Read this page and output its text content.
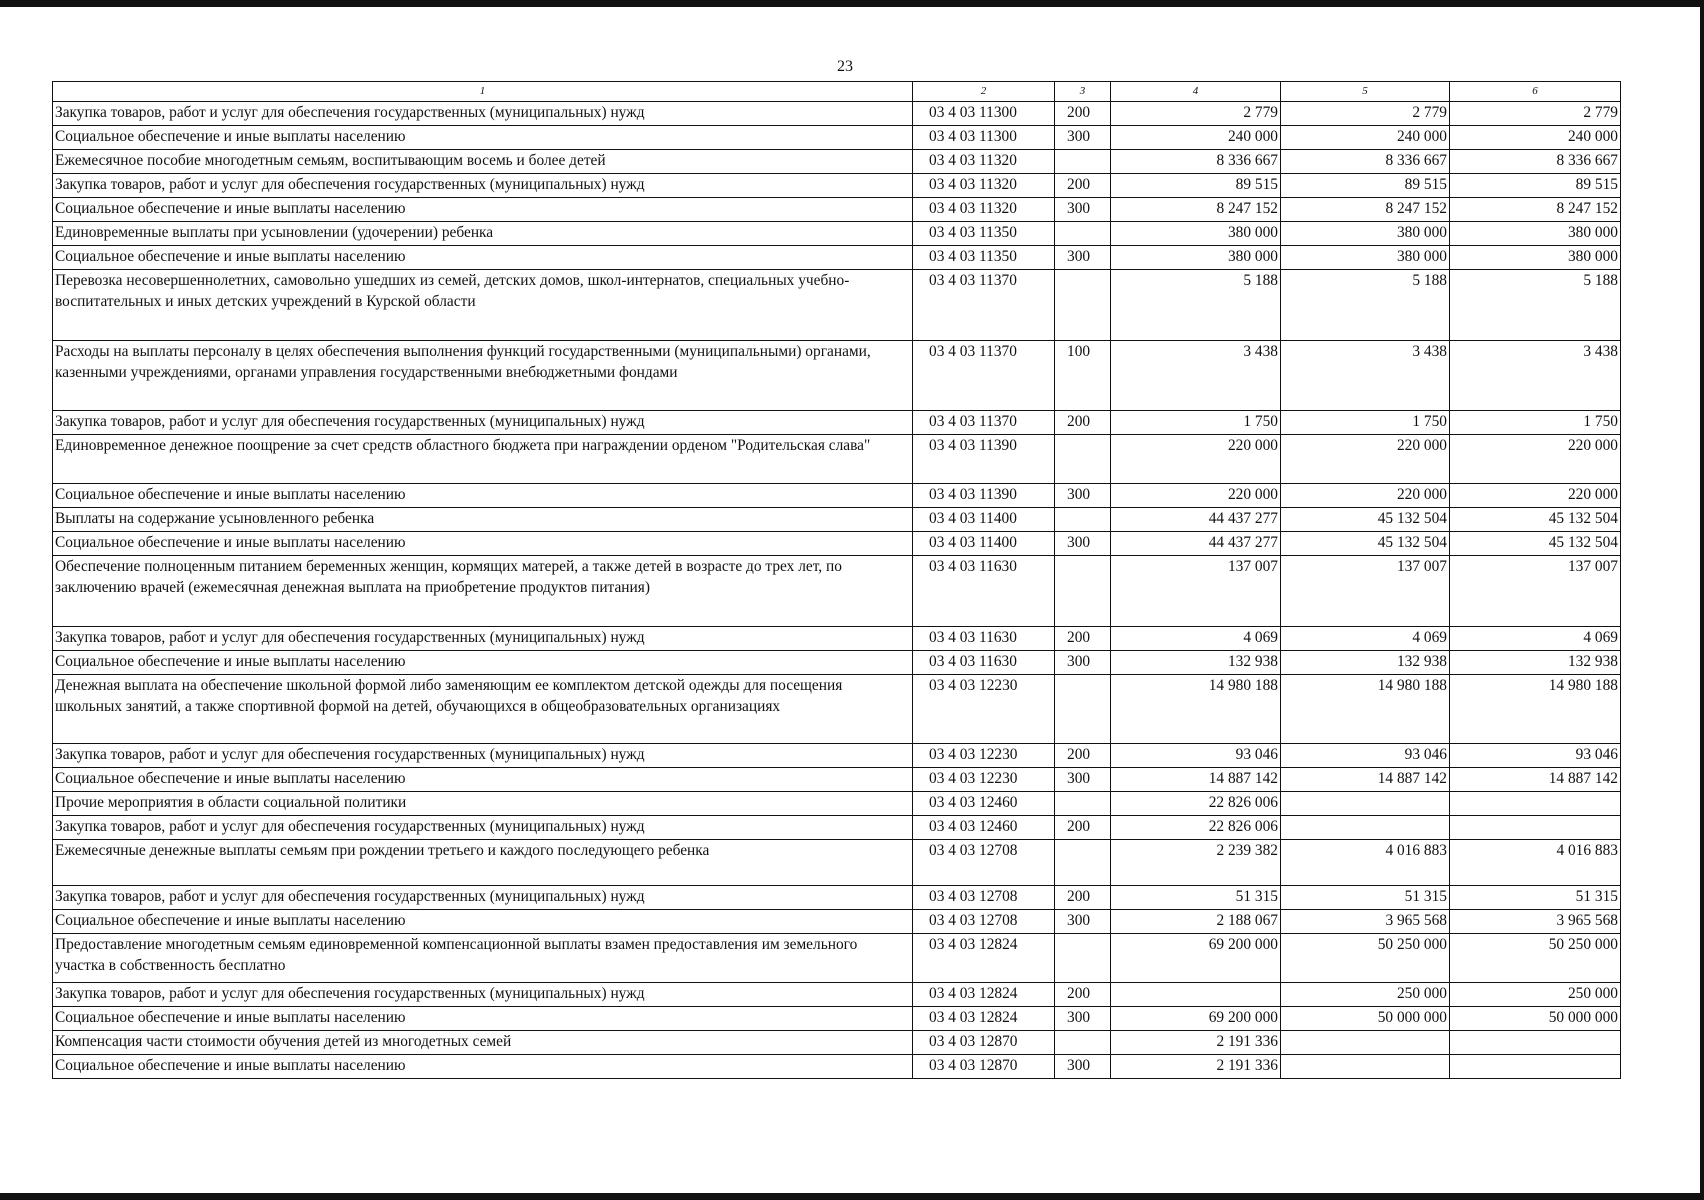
23
1	2	3	4	5	6
Закупка товаров, работ и услуг для обеспечения государственных (муниципальных) нужд	03 4 03 11300	200	2 779	2 779	2 779
Социальное обеспечение и иные выплаты населению	03 4 03 11300	300	240 000	240 000	240 000
Ежемесячное пособие многодетным семьям, воспитывающим восемь и более детей	03 4 03 11320		8 336 667	8 336 667	8 336 667
Закупка товаров, работ и услуг для обеспечения государственных (муниципальных) нужд	03 4 03 11320	200	89 515	89 515	89 515
Социальное обеспечение и иные выплаты населению	03 4 03 11320	300	8 247 152	8 247 152	8 247 152
Единовременные выплаты при усыновлении (удочерении) ребенка	03 4 03 11350		380 000	380 000	380 000
Социальное обеспечение и иные выплаты населению	03 4 03 11350	300	380 000	380 000	380 000
Перевозка несовершеннолетних, самовольно ушедших из семей, детских домов, школ-интернатов, специальных учебно-воспитательных и иных детских учреждений в Курской области	03 4 03 11370		5 188	5 188	5 188
Расходы на выплаты персоналу в целях обеспечения выполнения функций государственными (муниципальными) органами, казенными учреждениями, органами управления государственными внебюджетными фондами	03 4 03 11370	100	3 438	3 438	3 438
Закупка товаров, работ и услуг для обеспечения государственных (муниципальных) нужд	03 4 03 11370	200	1 750	1 750	1 750
Единовременное денежное поощрение за счет средств областного бюджета при награждении орденом "Родительская слава"	03 4 03 11390		220 000	220 000	220 000
Социальное обеспечение и иные выплаты населению	03 4 03 11390	300	220 000	220 000	220 000
Выплаты на содержание усыновленного ребенка	03 4 03 11400		44 437 277	45 132 504	45 132 504
Социальное обеспечение и иные выплаты населению	03 4 03 11400	300	44 437 277	45 132 504	45 132 504
Обеспечение полноценным питанием беременных женщин, кормящих матерей, а также детей в возрасте до трех лет, по заключению врачей (ежемесячная денежная выплата на приобретение продуктов питания)	03 4 03 11630		137 007	137 007	137 007
Закупка товаров, работ и услуг для обеспечения государственных (муниципальных) нужд	03 4 03 11630	200	4 069	4 069	4 069
Социальное обеспечение и иные выплаты населению	03 4 03 11630	300	132 938	132 938	132 938
Денежная выплата на обеспечение школьной формой либо заменяющим ее комплектом детской одежды для посещения школьных занятий, а также спортивной формой на детей, обучающихся в общеобразовательных организациях	03 4 03 12230		14 980 188	14 980 188	14 980 188
Закупка товаров, работ и услуг для обеспечения государственных (муниципальных) нужд	03 4 03 12230	200	93 046	93 046	93 046
Социальное обеспечение и иные выплаты населению	03 4 03 12230	300	14 887 142	14 887 142	14 887 142
Прочие мероприятия в области социальной политики	03 4 03 12460		22 826 006		
Закупка товаров, работ и услуг для обеспечения государственных (муниципальных) нужд	03 4 03 12460	200	22 826 006		
Ежемесячные денежные выплаты семьям при рождении третьего и каждого последующего ребенка	03 4 03 12708		2 239 382	4 016 883	4 016 883
Закупка товаров, работ и услуг для обеспечения государственных (муниципальных) нужд	03 4 03 12708	200	51 315	51 315	51 315
Социальное обеспечение и иные выплаты населению	03 4 03 12708	300	2 188 067	3 965 568	3 965 568
Предоставление многодетным семьям единовременной компенсационной выплаты взамен предоставления им земельного участка в собственность бесплатно	03 4 03 12824		69 200 000	50 250 000	50 250 000
Закупка товаров, работ и услуг для обеспечения государственных (муниципальных) нужд	03 4 03 12824	200		250 000	250 000
Социальное обеспечение и иные выплаты населению	03 4 03 12824	300	69 200 000	50 000 000	50 000 000
Компенсация части стоимости обучения детей из многодетных семей	03 4 03 12870		2 191 336		
Социальное обеспечение и иные выплаты населению	03 4 03 12870	300	2 191 336		
